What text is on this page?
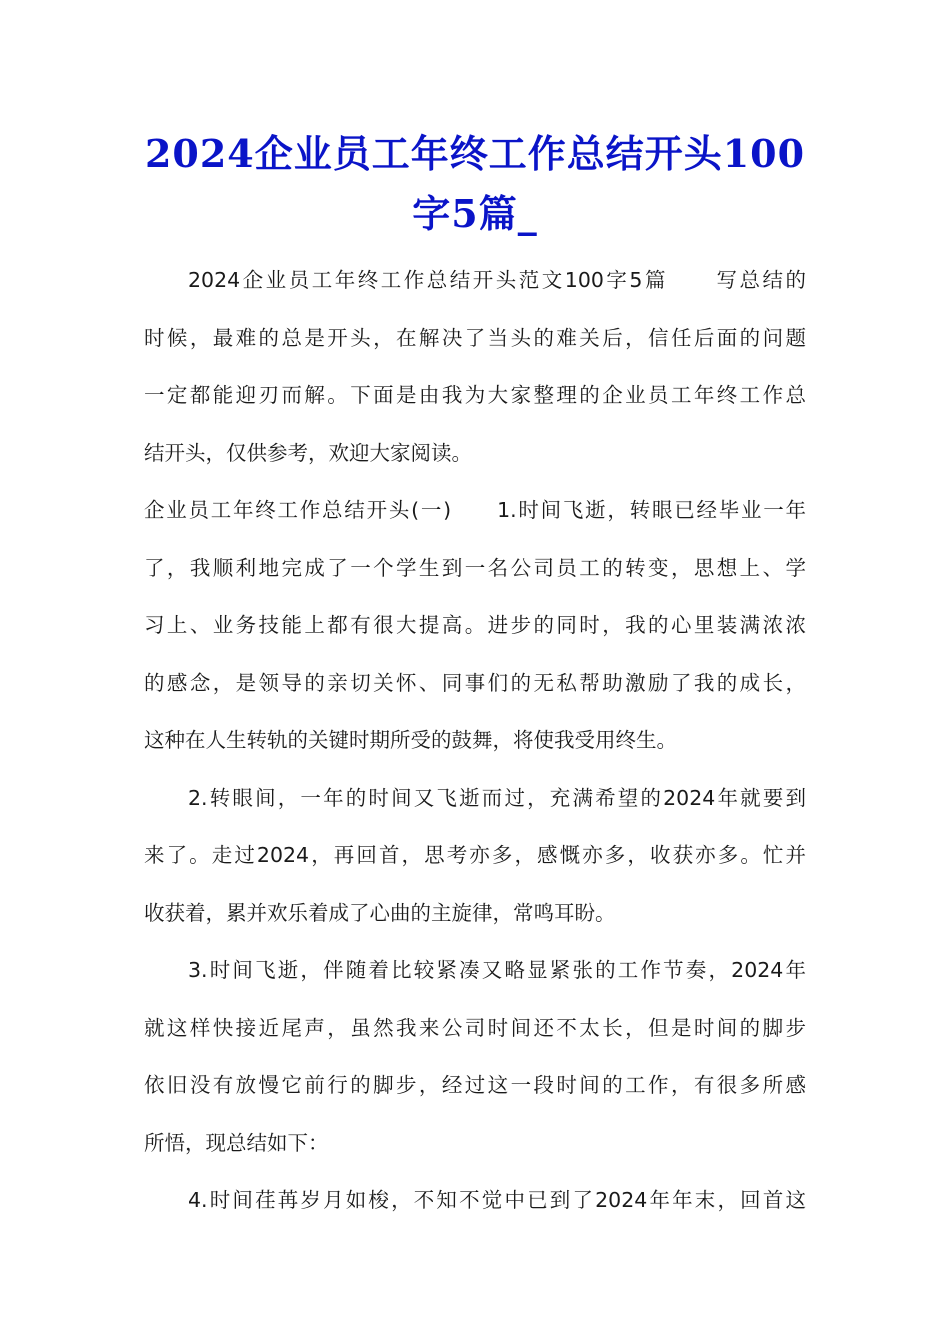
2024企业员工年终工作总结开头100
字5篇_
2024企业员工年终工作总结开头范文100字5篇 写总结的
时候，最难的总是开头，在解决了当头的难关后，信任后面的问题
一定都能迎刃而解。下面是由我为大家整理的企业员工年终工作总
结开头，仅供参考，欢迎大家阅读。
企业员工年终工作总结开头(一) 1.时间飞逝，转眼已经毕业一年
了，我顺利地完成了一个学生到一名公司员工的转变，思想上、学
习上、业务技能上都有很大提高。进步的同时，我的心里装满浓浓
的感念，是领导的亲切关怀、同事们的无私帮助激励了我的成长，
这种在人生转轨的关键时期所受的鼓舞，将使我受用终生。
2.转眼间，一年的时间又飞逝而过，充满希望的2024年就要到
来了。走过2024，再回首，思考亦多，感慨亦多，收获亦多。忙并
收获着，累并欢乐着成了心曲的主旋律，常鸣耳盼。
3.时间飞逝，伴随着比较紧凑又略显紧张的工作节奏，2024年
就这样快接近尾声，虽然我来公司时间还不太长，但是时间的脚步
依旧没有放慢它前行的脚步，经过这一段时间的工作，有很多所感
所悟，现总结如下：
4.时间荏苒岁月如梭，不知不觉中已到了2024年年末，回首这
